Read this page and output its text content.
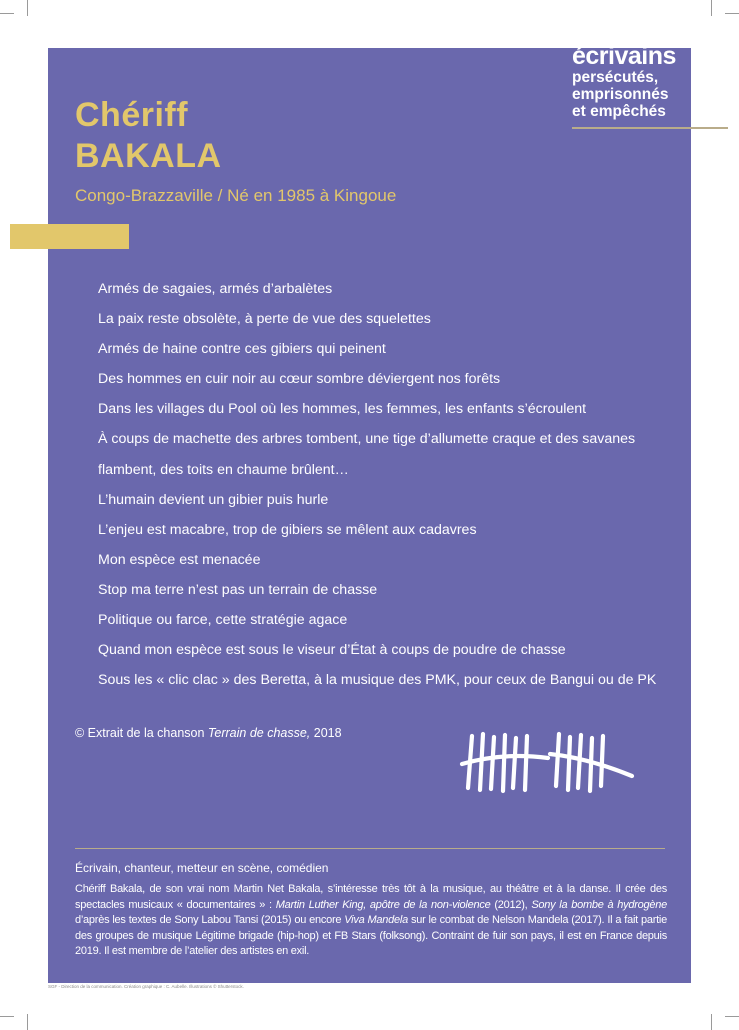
écrivains
persécutés,
emprisonnés
et empêchés
Chériff
BAKALA
Congo-Brazzaville / Né en 1985 à Kingoue
Armés de sagaies, armés d’arbalètes
La paix reste obsolète, à perte de vue des squelettes
Armés de haine contre ces gibiers qui peinent
Des hommes en cuir noir au cœur sombre déviergent nos forêts
Dans les villages du Pool où les hommes, les femmes, les enfants s’écroulent
À coups de machette des arbres tombent, une tige d’allumette craque et des savanes
flambent, des toits en chaume brûlent…
L’humain devient un gibier puis hurle
L’enjeu est macabre, trop de gibiers se mêlent aux cadavres
Mon espèce est menacée
Stop ma terre n’est pas un terrain de chasse
Politique ou farce, cette stratégie agace
Quand mon espèce est sous le viseur d’État à coups de poudre de chasse
Sous les « clic clac » des Beretta, à la musique des PMK, pour ceux de Bangui ou de PK
© Extrait de la chanson Terrain de chasse, 2018
Écrivain, chanteur, metteur en scène, comédien
Chériff Bakala, de son vrai nom Martin Net Bakala, s’intéresse très tôt à la musique, au théâtre et à la danse. Il crée des spectacles musicaux « documentaires » : Martin Luther King, apôtre de la non-violence (2012), Sony la bombe à hydrogène d’après les textes de Sony Labou Tansi (2015) ou encore Viva Mandela sur le combat de Nelson Mandela (2017). Il a fait partie des groupes de musique Légitime brigade (hip-hop) et FB Stars (folksong). Contraint de fuir son pays, il est en France depuis 2019. Il est membre de l’atelier des artistes en exil.
SGF - Direction de la communication. Création graphique : C. Aubelle. Illustrations © Shutterstock.
